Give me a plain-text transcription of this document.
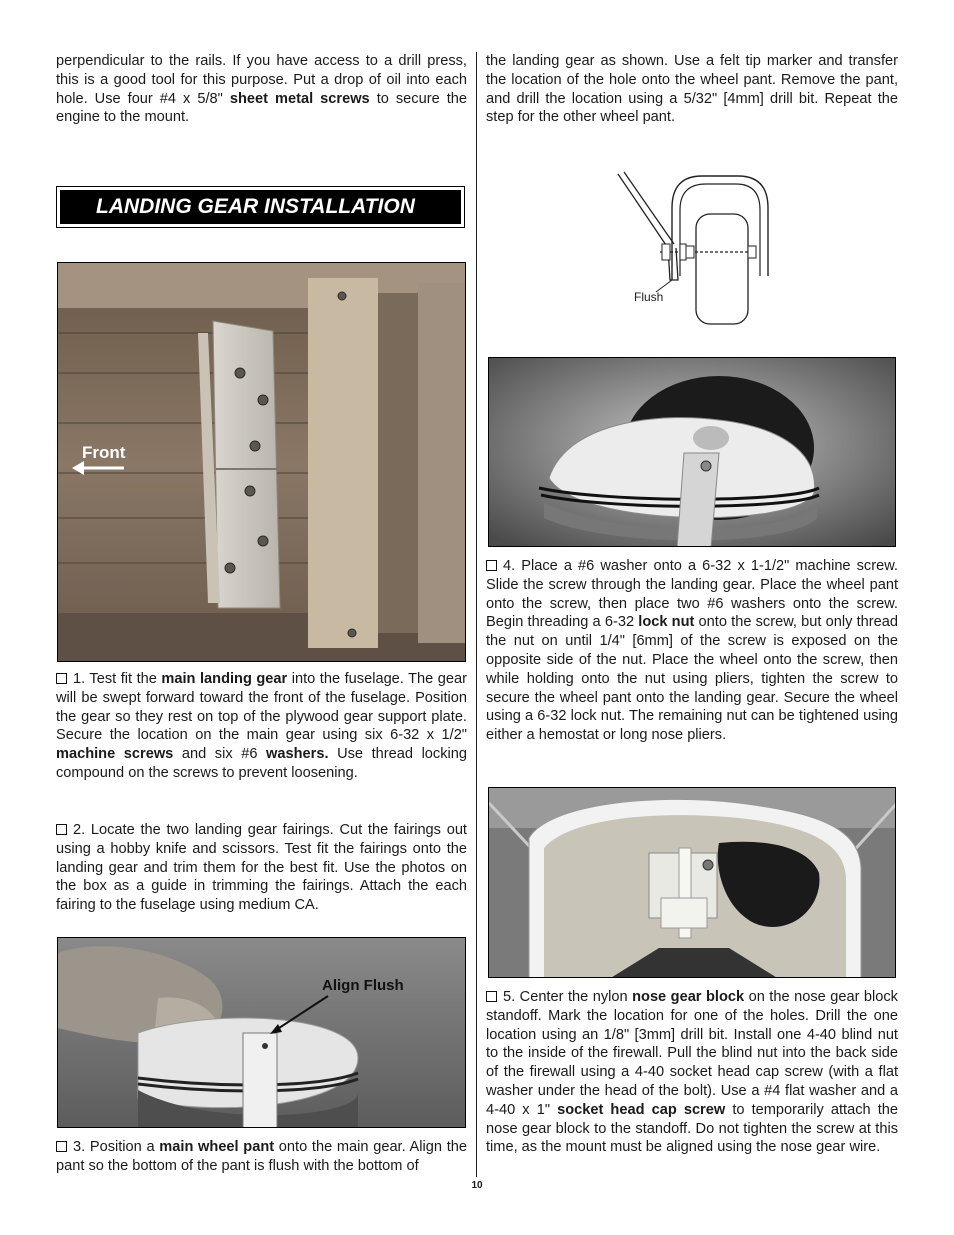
perpendicular to the rails. If you have access to a drill press, this is a good tool for this purpose. Put a drop of oil into each hole. Use four #4 x 5/8" sheet metal screws to secure the engine to the mount.

LANDING GEAR INSTALLATION
Front

1. Test fit the main landing gear into the fuselage. The gear will be swept forward toward the front of the fuselage. Position the gear so they rest on top of the plywood gear support plate. Secure the location on the main gear using six 6-32 x 1/2" machine screws and six #6 washers. Use thread locking compound on the screws to prevent loosening.

2. Locate the two landing gear fairings. Cut the fairings out using a hobby knife and scissors. Test fit the fairings onto the landing gear and trim them for the best fit. Use the photos on the box as a guide in trimming the fairings. Attach the each fairing to the fuselage using medium CA.

Align Flush

3. Position a main wheel pant onto the main gear. Align the pant so the bottom of the pant is flush with the bottom of

the landing gear as shown. Use a felt tip marker and transfer the location of the hole onto the wheel pant. Remove the pant, and drill the location using a 5/32" [4mm] drill bit. Repeat the step for the other wheel pant.

Flush

4. Place a #6 washer onto a 6-32 x 1-1/2" machine screw. Slide the screw through the landing gear. Place the wheel pant onto the screw, then place two #6 washers onto the screw. Begin threading a 6-32 lock nut onto the screw, but only thread the nut on until 1/4" [6mm] of the screw is exposed on the opposite side of the nut. Place the wheel onto the screw, then while holding onto the nut using pliers, tighten the screw to secure the wheel pant onto the landing gear. Secure the wheel using a 6-32 lock nut. The remaining nut can be tightened using either a hemostat or long nose pliers.

5. Center the nylon nose gear block on the nose gear block standoff. Mark the location for one of the holes. Drill the one location using an 1/8" [3mm] drill bit. Install one 4-40 blind nut to the inside of the firewall. Pull the blind nut into the back side of the firewall using a 4-40 socket head cap screw (with a flat washer under the head of the bolt). Use a #4 flat washer and a 4-40 x 1" socket head cap screw to temporarily attach the nose gear block to the standoff. Do not tighten the screw at this time, as the mount must be aligned using the nose gear wire.

10
